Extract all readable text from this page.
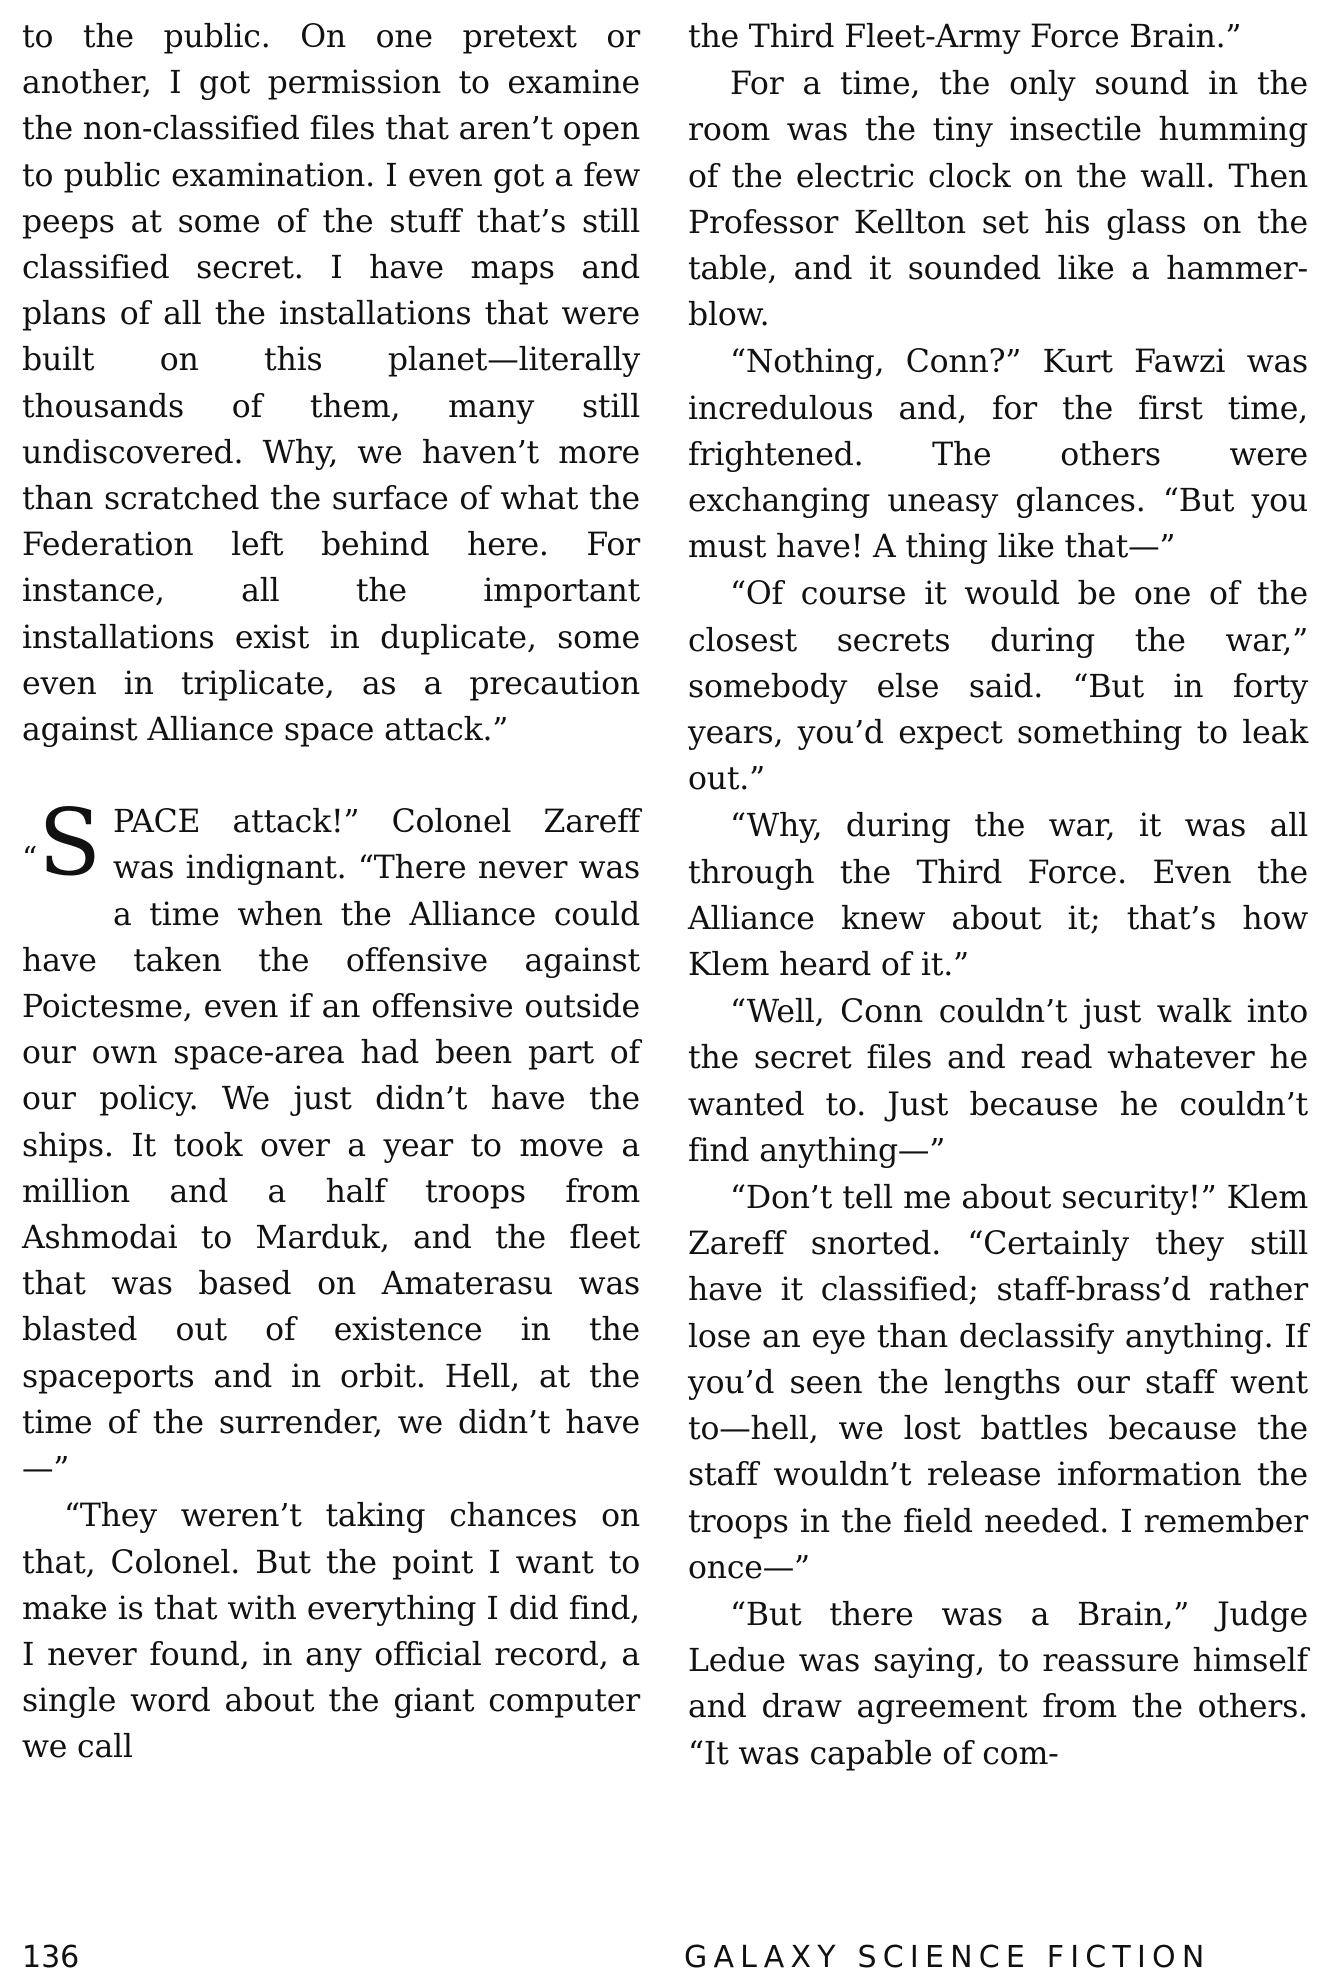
to the public. On one pretext or another, I got permission to examine the non-classified files that aren’t open to public examination. I even got a few peeps at some of the stuff that’s still classified secret. I have maps and plans of all the installations that were built on this planet—literally thousands of them, many still undiscovered. Why, we haven’t more than scratched the surface of what the Federation left behind here. For instance, all the important installations exist in duplicate, some even in triplicate, as a precaution against Alliance space attack.”

“S PACE attack!” Colonel Zareff was indignant. “There never was a time when the Alliance could have taken the offensive against Poictesme, even if an offensive outside our own space-area had been part of our policy. We just didn’t have the ships. It took over a year to move a million and a half troops from Ashmodai to Marduk, and the fleet that was based on Amaterasu was blasted out of existence in the spaceports and in orbit. Hell, at the time of the surrender, we didn’t have—”

“They weren’t taking chances on that, Colonel. But the point I want to make is that with everything I did find, I never found, in any official record, a single word about the giant computer we call

the Third Fleet-Army Force Brain.”

For a time, the only sound in the room was the tiny insectile humming of the electric clock on the wall. Then Professor Kellton set his glass on the table, and it sounded like a hammer-blow.

“Nothing, Conn?” Kurt Fawzi was incredulous and, for the first time, frightened. The others were exchanging uneasy glances. “But you must have! A thing like that—”

“Of course it would be one of the closest secrets during the war,” somebody else said. “But in forty years, you’d expect something to leak out.”

“Why, during the war, it was all through the Third Force. Even the Alliance knew about it; that’s how Klem heard of it.”

“Well, Conn couldn’t just walk into the secret files and read whatever he wanted to. Just because he couldn’t find anything—”

“Don’t tell me about security!” Klem Zareff snorted. “Certainly they still have it classified; staff-brass’d rather lose an eye than declassify anything. If you’d seen the lengths our staff went to—hell, we lost battles because the staff wouldn’t release information the troops in the field needed. I remember once—”

“But there was a Brain,” Judge Ledue was saying, to reassure himself and draw agreement from the others. “It was capable of com-

136	GALAXY SCIENCE FICTION
